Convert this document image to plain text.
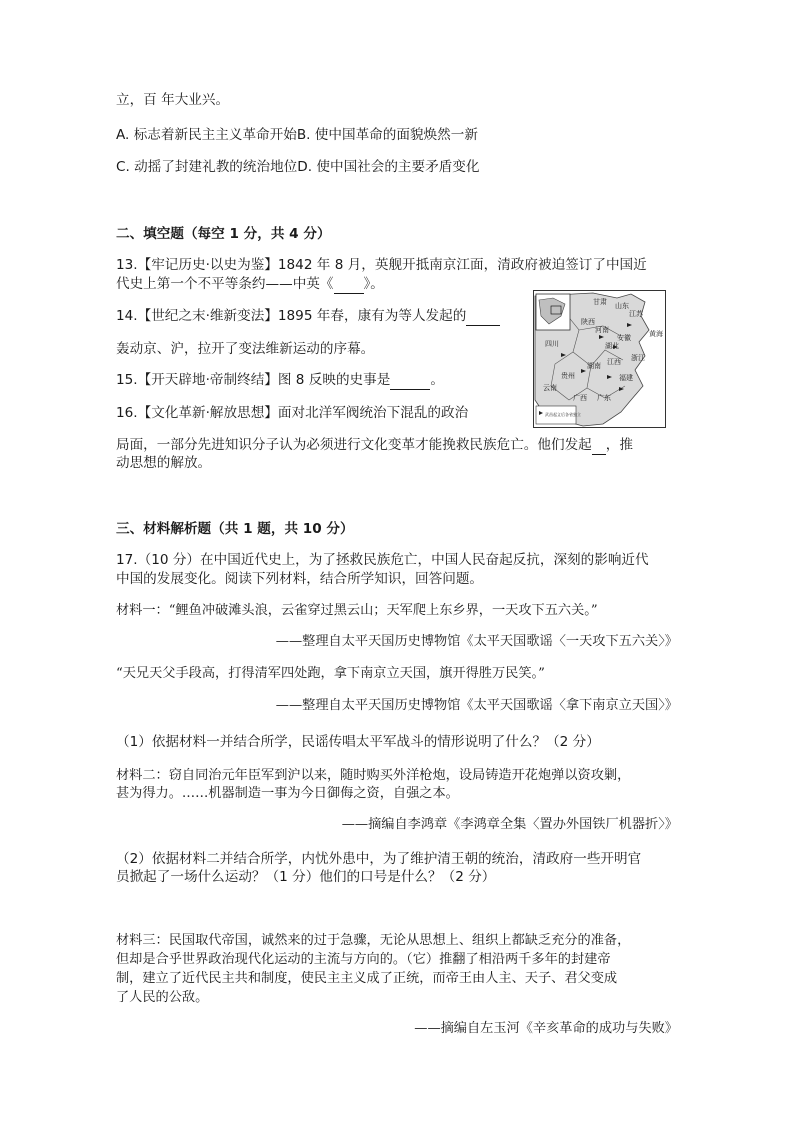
立，百 年大业兴。
A. 标志着新民主主义革命开始B. 使中国革命的面貌焕然一新
C. 动摇了封建礼教的统治地位D. 使中国社会的主要矛盾变化
二、填空题（每空 1 分，共 4 分）
13.【牢记历史·以史为鉴】1842 年 8 月，英舰开抵南京江面，清政府被迫签订了中国近
代史上第一个不平等条约——中英《 》。
14.【世纪之末·维新变法】1895 年春，康有为等人发起的
轰动京、沪，拉开了变法维新运动的序幕。
15.【开天辟地·帝制终结】图 8 反映的史事是	。
16.【文化革新·解放思想】面对北洋军阀统治下混乱的政治
局面，一部分先进知识分子认为必须进行文化变革才能挽救民族危亡。他们发起 ，推
动思想的解放。
甘肃
陕西
河南
湖北
四川
云南
贵州
湖南
广西 广东
安徽
江苏
浙江
福建
江西
山东
黄海
武昌起义后各省独立
三、材料解析题（共 1 题，共 10 分）
17.（10 分）在中国近代史上，为了拯救民族危亡，中国人民奋起反抗，深刻的影响近代
中国的发展变化。阅读下列材料，结合所学知识，回答问题。
材料一：“鲤鱼冲破滩头浪，云雀穿过黑云山；天军爬上东乡界，一天攻下五六关。”
——整理自太平天国历史博物馆《太平天国歌谣〈一天攻下五六关〉》
“天兄天父手段高，打得清军四处跑，拿下南京立天国，旗开得胜万民笑。”
——整理自太平天国历史博物馆《太平天国歌谣〈拿下南京立天国〉》
（1）依据材料一并结合所学，民谣传唱太平军战斗的情形说明了什么？（2 分）
材料二：窃自同治元年臣军到沪以来，随时购买外洋枪炮，设局铸造开花炮弹以资攻剿，
甚为得力。……机器制造一事为今日御侮之资，自强之本。
——摘编自李鸿章《李鸿章全集〈置办外国铁厂机器折〉》
（2）依据材料二并结合所学，内忧外患中，为了维护清王朝的统治，清政府一些开明官
员掀起了一场什么运动？（1 分）他们的口号是什么？（2 分）
材料三：民国取代帝国，诚然来的过于急骤，无论从思想上、组织上都缺乏充分的准备，
但却是合乎世界政治现代化运动的主流与方向的。（它）推翻了相沿两千多年的封建帝
制，建立了近代民主共和制度，使民主主义成了正统，而帝王由人主、天子、君父变成
了人民的公敌。
——摘编自左玉河《辛亥革命的成功与失败》
